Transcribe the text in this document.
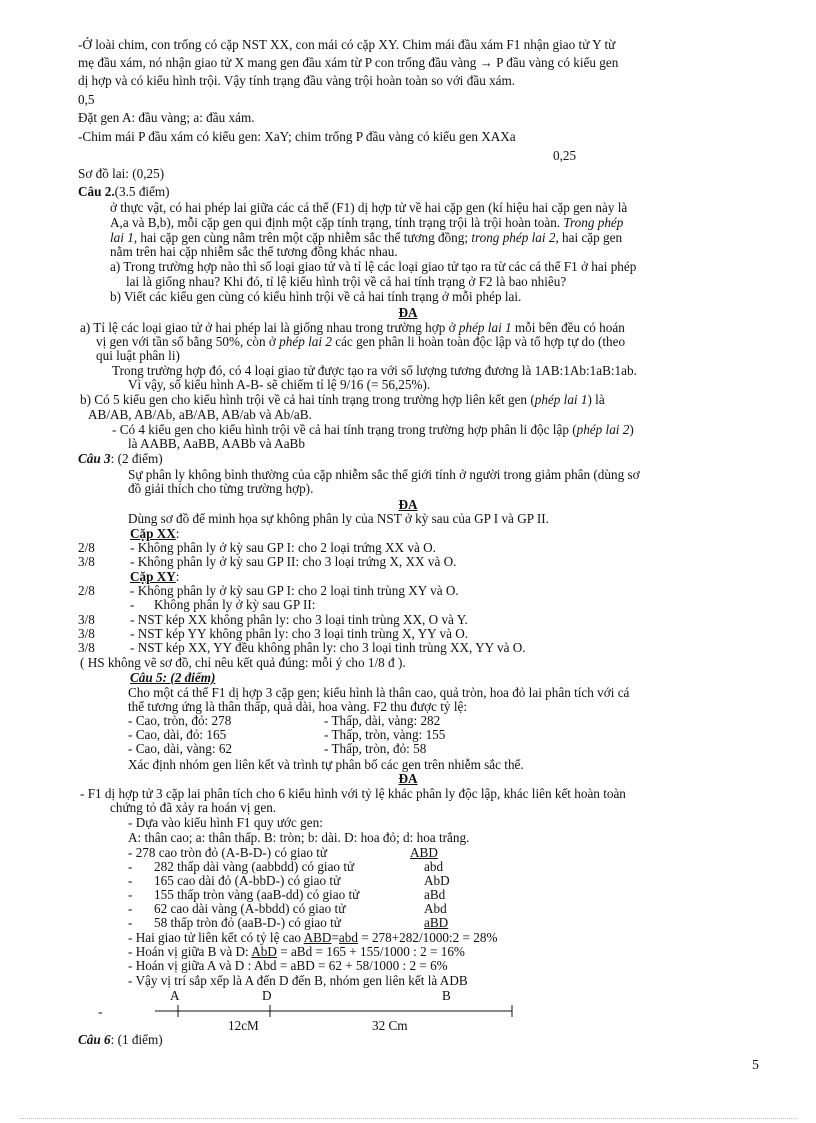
-Ở loài chim, con trống có cặp NST XX, con mái có cặp XY. Chim mái đầu xám F1 nhận giao tử Y từ
mẹ đầu xám, nó nhận giao tử X mang gen đầu xám từ P con trống đầu vàng → P đầu vàng có kiểu gen
dị hợp và có kiểu hình trội. Vậy tính trạng đầu vàng trội hoàn toàn so với đầu xám.
0,5
Đặt gen A: đầu vàng; a: đầu xám.
-Chim mái P đầu xám có kiểu gen: XaY; chim trống P đầu vàng có kiểu gen XAXa
0,25
Sơ đồ lai: (0,25)
Câu 2.(3.5 điểm)
ở thực vật, có hai phép lai giữa các cá thể (F1) dị hợp tử về hai cặp gen (kí hiệu hai cặp gen này là
A,a và B,b), mỗi cặp gen qui định một cặp tính trạng, tính trạng trội là trội hoàn toàn. Trong phép
lai 1, hai cặp gen cùng nằm trên một cặp nhiễm sắc thể tương đồng; trong phép lai 2, hai cặp gen
nằm trên hai cặp nhiễm sắc thể tương đồng khác nhau.
a) Trong trường hợp nào thì số loại giao tử và tỉ lệ các loại giao tử tạo ra từ các cá thể F1 ở hai phép
lai là giống nhau? Khi đó, tỉ lệ kiểu hình trội về cả hai tính trạng ở F2 là bao nhiêu?
b) Viết các kiểu gen cùng có kiểu hình trội về cả hai tính trạng ở mỗi phép lai.
ĐA
a) Tỉ lệ các loại giao tử ở hai phép lai là giống nhau trong trường hợp ở phép lai 1 mỗi bên đều có hoán
vị gen với tần số bằng 50%, còn ở phép lai 2 các gen phân li hoàn toàn độc lập và tổ hợp tự do (theo
qui luật phân li)
Trong trường hợp đó, có 4 loại giao tử được tạo ra với số lượng tương đương là 1AB:1Ab:1aB:1ab.
Vì vậy, số kiểu hình A-B- sẽ chiếm tỉ lệ 9/16 (= 56,25%).
b) Có 5 kiểu gen cho kiểu hình trội về cả hai tính trạng trong trường hợp liên kết gen (phép lai 1) là
AB/AB, AB/Ab, aB/AB, AB/ab và Ab/aB.
- Có 4 kiểu gen cho kiểu hình trội về cả hai tính trạng trong trường hợp phân li độc lập (phép lai 2)
là AABB, AaBB, AABb và AaBb
Câu 3: (2 điểm)
Sự phân ly không bình thường của cặp nhiễm sắc thể giới tính ở người trong giảm phân (dùng sơ
đồ giải thích cho từng trường hợp).
ĐA
Dùng sơ đồ để minh họa sự không phân ly của NST ở kỳ sau của GP I và GP II.
Cặp XX:
2/8	- Không phân ly ở kỳ sau GP I: cho 2 loại trứng XX và O.
3/8	- Không phân ly ở kỳ sau GP II: cho 3 loại trứng X, XX và O.
Cặp XY:
2/8	- Không phân ly ở kỳ sau GP I: cho 2 loại tinh trùng XY và O.
- Không phân ly ở kỳ sau GP II:
3/8	- NST kép XX không phân ly: cho 3 loại tinh trùng XX, O và Y.
3/8	- NST kép YY không phân ly: cho 3 loại tinh trùng X, YY và O.
3/8	- NST kép XX, YY đều không phân ly: cho 3 loại tinh trùng XX, YY và O.
( HS không vẽ sơ đồ, chỉ nêu kết quả đúng: mỗi ý cho 1/8 đ ).
Câu 5: (2 điểm)
Cho một cá thể F1 dị hợp 3 cặp gen; kiểu hình là thân cao, quả tròn, hoa đỏ lai phân tích với cá
thể tương ứng là thân thấp, quả dài, hoa vàng. F2 thu được tỷ lệ:
- Cao, tròn, đỏ: 278	- Thấp, dài, vàng: 282
- Cao, dài, đỏ: 165	- Thấp, tròn, vàng: 155
- Cao, dài, vàng: 62	- Thấp, tròn, đỏ: 58
Xác định nhóm gen liên kết và trình tự phân bố các gen trên nhiễm sắc thể.
ĐA
- F1 dị hợp tử 3 cặp lai phân tích cho 6 kiểu hình với tỷ lệ khác phân ly độc lập, khác liên kết hoàn toàn
chứng tỏ đã xảy ra hoán vị gen.
- Dựa vào kiểu hình F1 quy ước gen:
A: thân cao; a: thân thấp. B: tròn; b: dài. D: hoa đỏ; d: hoa trắng.
- 278 cao tròn đỏ (A-B-D-) có giao tử	ABD
- 282 thấp dài vàng (aabbdd) có giao tử	abd
- 165 cao dài đỏ (A-bbD-) có giao tử	AbD
- 155 thấp tròn vàng (aaB-dd) có giao tử	aBd
- 62 cao dài vàng (A-bbdd) có giao tử	Abd
- 58 thấp tròn đỏ (aaB-D-) có giao tử	aBD
- Hai giao tử liên kết có tỷ lệ cao ABD=abd = 278+282/1000:2 = 28%
- Hoán vị giữa B và D: AbD = aBd = 165 + 155/1000 : 2 = 16%
- Hoán vị giữa A và D : Abd = aBD = 62 + 58/1000 : 2 = 6%
- Vậy vị trí sắp xếp là A đến D đến B, nhóm gen liên kết là ADB
A	D	B
-
12cM	32 Cm
Câu 6: (1 điểm)
5
